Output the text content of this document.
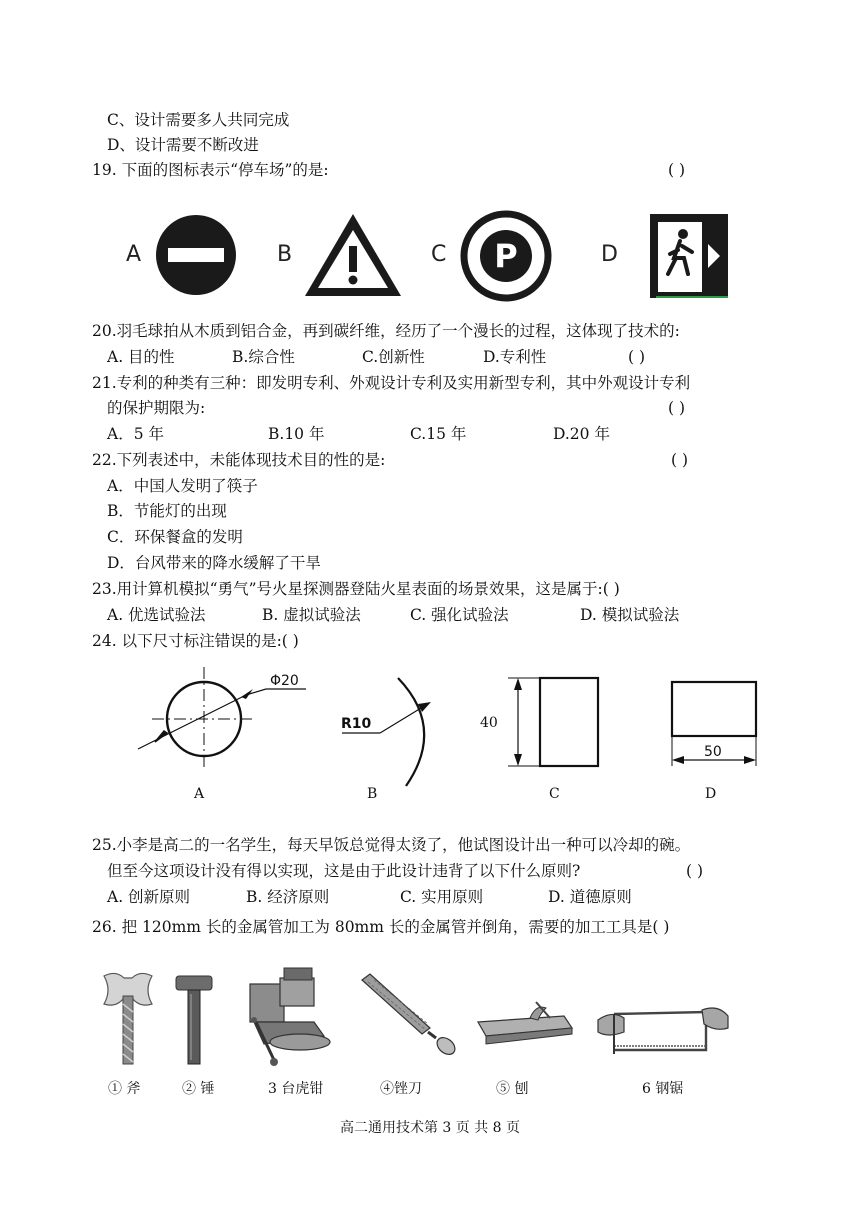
C、设计需要多人共同完成
D、设计需要不断改进
19. 下面的图标表示“停车场”的是:	( )
A	B	C P	D
20.羽毛球拍从木质到铝合金，再到碳纤维，经历了一个漫长的过程，这体现了技术的:
A. 目的性	B.综合性	C.创新性	D.专利性	( )
21.专利的种类有三种：即发明专利、外观设计专利及实用新型专利，其中外观设计专利
的保护期限为:	( )
A．5 年	B.10 年	C.15 年	D.20 年
22.下列表述中，未能体现技术目的性的是:	( )
A．中国人发明了筷子
B．节能灯的出现
C．环保餐盒的发明
D．台风带来的降水缓解了干旱
23.用计算机模拟“勇气”号火星探测器登陆火星表面的场景效果，这是属于:( )
A. 优选试验法	B. 虚拟试验法	C. 强化试验法	D. 模拟试验法
24. 以下尺寸标注错误的是:( )
Φ20
R10	40
50
A	B	C	D
25.小李是高二的一名学生，每天早饭总觉得太烫了，他试图设计出一种可以冷却的碗。
但至今这项设计没有得以实现，这是由于此设计违背了以下什么原则?	( )
A. 创新原则	B. 经济原则	C. 实用原则	D. 道德原则
26. 把 120mm 长的金属管加工为 80mm 长的金属管并倒角，需要的加工工具是( )
① 斧	② 锤	3 台虎钳	④锉刀	⑤ 刨	6 钢锯
高二通用技术第 3 页 共 8 页
